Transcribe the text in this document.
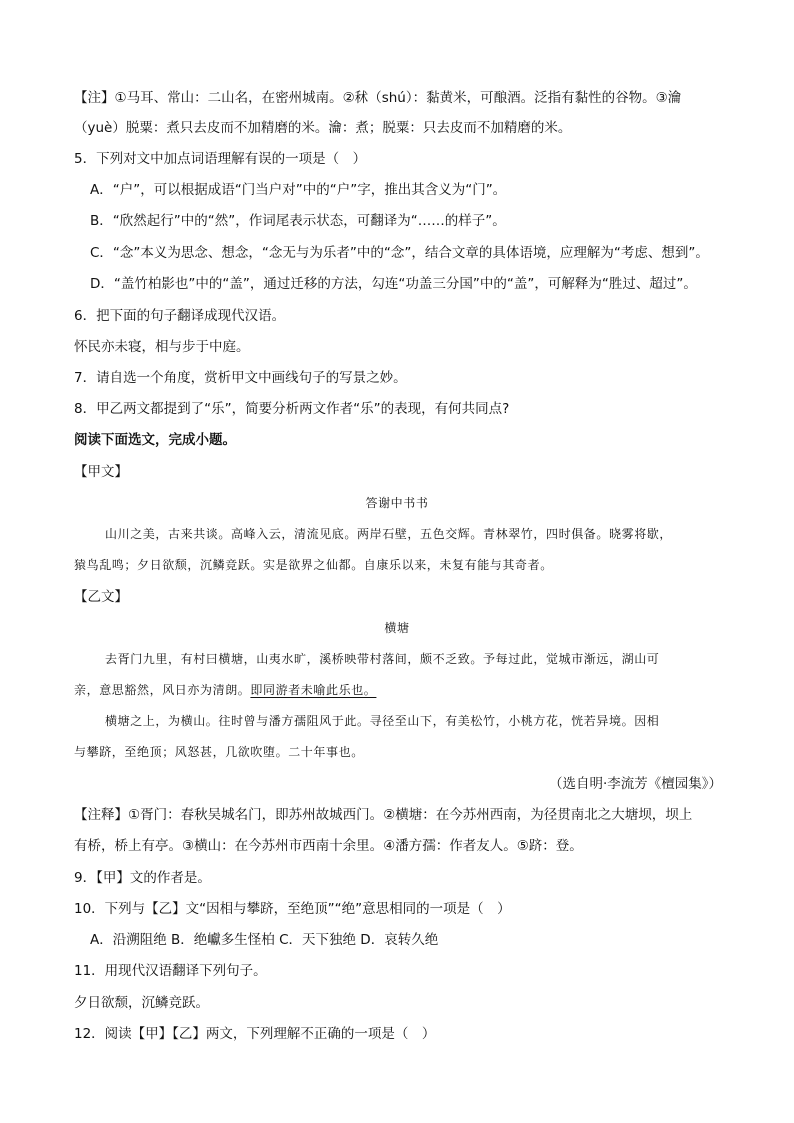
【注】①马耳、常山：二山名，在密州城南。②秫（shú）：黏黄米，可酿酒。泛指有黏性的谷物。③瀹
（yuè）脱粟：煮只去皮而不加精磨的米。瀹：煮；脱粟：只去皮而不加精磨的米。
5．下列对文中加点词语理解有误的一项是（　）
A．“户”，可以根据成语“门当户对”中的“户”字，推出其含义为“门”。
B．“欣然起行”中的“然”，作词尾表示状态，可翻译为“……的样子”。
C．“念”本义为思念、想念，“念无与为乐者”中的“念”，结合文章的具体语境，应理解为“考虑、想到”。
D．“盖竹柏影也”中的“盖”，通过迁移的方法，勾连“功盖三分国”中的“盖”，可解释为“胜过、超过”。
6．把下面的句子翻译成现代汉语。
怀民亦未寝，相与步于中庭。
7．请自选一个角度，赏析甲文中画线句子的写景之妙。
8．甲乙两文都提到了“乐”，简要分析两文作者“乐”的表现，有何共同点?
阅读下面选文，完成小题。
【甲文】
答谢中书书
山川之美，古来共谈。高峰入云，清流见底。两岸石壁，五色交辉。青林翠竹，四时俱备。晓雾将歇，
猿鸟乱鸣；夕日欲颓，沉鳞竞跃。实是欲界之仙都。自康乐以来，未复有能与其奇者。
【乙文】
横塘
去胥门九里，有村曰横塘，山夷水旷，溪桥映带村落间，颇不乏致。予每过此，觉城市渐远，湖山可
亲，意思豁然，风日亦为清朗。即同游者未喻此乐也。
横塘之上，为横山。往时曾与潘方孺阻风于此。寻径至山下，有美松竹，小桃方花，恍若异境。因相
与攀跻，至绝顶；风怒甚，几欲吹堕。二十年事也。
（选自明·李流芳《檀园集》）
【注释】①胥门：春秋吴城名门，即苏州故城西门。②横塘：在今苏州西南，为径贯南北之大塘坝，坝上
有桥，桥上有亭。③横山：在今苏州市西南十余里。④潘方孺：作者友人。⑤跻：登。
9．【甲】文的作者是。
10．下列与【乙】文“因相与攀跻，至绝顶”“绝”意思相同的一项是（　）
A．沿溯阻绝 B．绝巘多生怪柏 C．天下独绝 D．哀转久绝
11．用现代汉语翻译下列句子。
夕日欲颓，沉鳞竞跃。
12．阅读【甲】【乙】两文，下列理解不正确的一项是（　）
